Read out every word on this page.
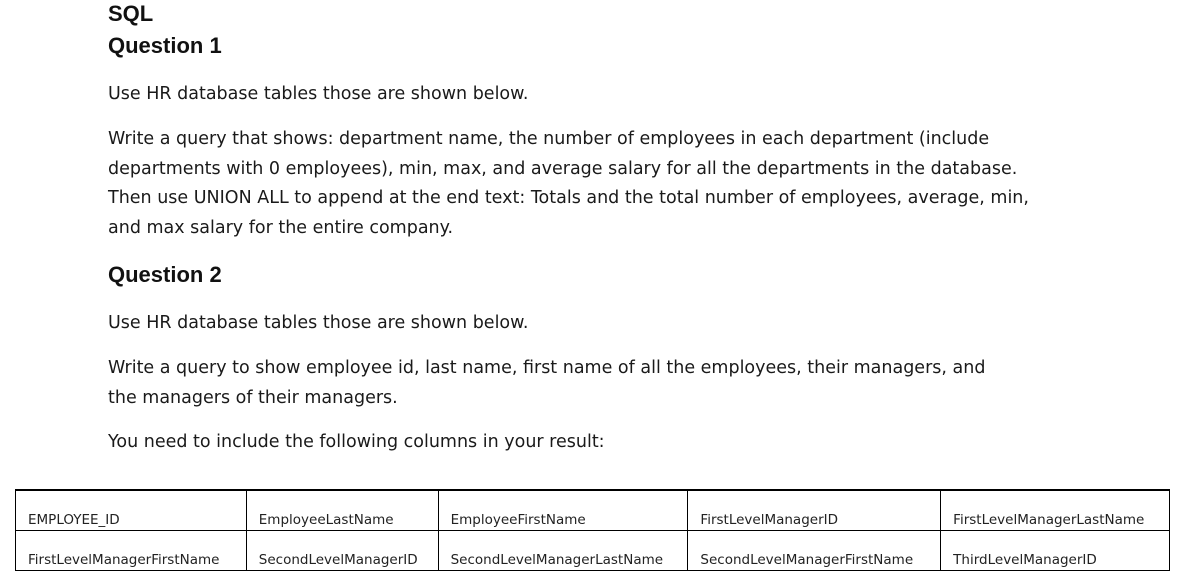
SQL
Question 1

Use HR database tables those are shown below.

Write a query that shows: department name, the number of employees in each department (include departments with 0 employees), min, max, and average salary for all the departments in the database. Then use UNION ALL to append at the end text: Totals and the total number of employees, average, min, and max salary for the entire company.

Question 2

Use HR database tables those are shown below.

Write a query to show employee id, last name, first name of all the employees, their managers, and the managers of their managers.

You need to include the following columns in your result:

EMPLOYEE_ID	EmployeeLastName	EmployeeFirstName	FirstLevelManagerID	FirstLevelManagerLastName
FirstLevelManagerFirstName	SecondLevelManagerID	SecondLevelManagerLastName	SecondLevelManagerFirstName	ThirdLevelManagerID
